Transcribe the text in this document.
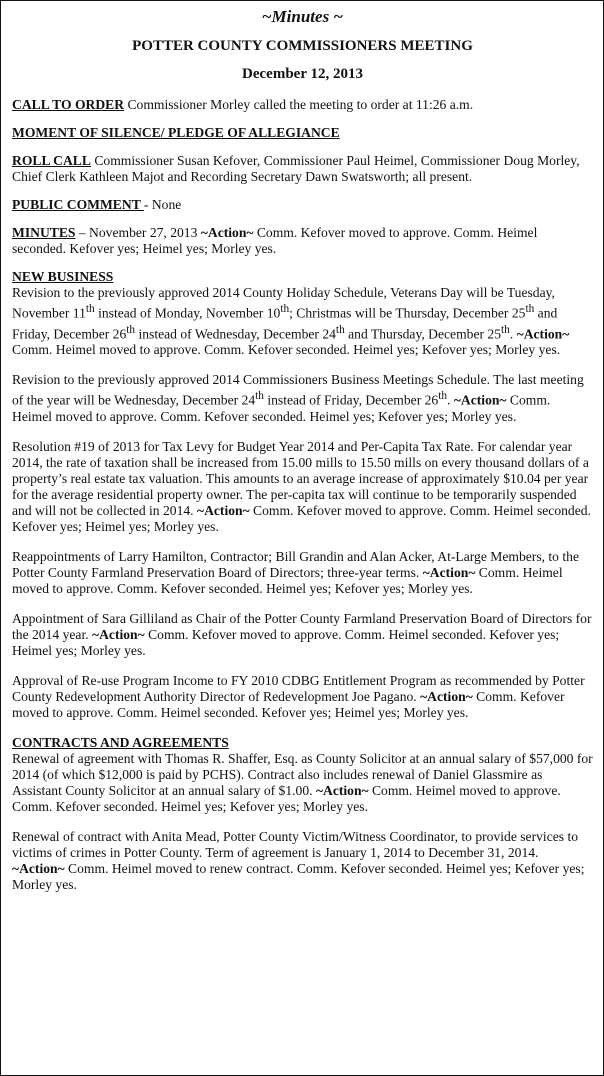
~Minutes ~
POTTER COUNTY COMMISSIONERS MEETING
December 12, 2013

CALL TO ORDER Commissioner Morley called the meeting to order at 11:26 a.m.

MOMENT OF SILENCE/ PLEDGE OF ALLEGIANCE

ROLL CALL Commissioner Susan Kefover, Commissioner Paul Heimel, Commissioner Doug Morley, Chief Clerk Kathleen Majot and Recording Secretary Dawn Swatsworth; all present.

PUBLIC COMMENT - None

MINUTES – November 27, 2013 ~Action~ Comm. Kefover moved to approve. Comm. Heimel seconded. Kefover yes; Heimel yes; Morley yes.

NEW BUSINESS

Revision to the previously approved 2014 County Holiday Schedule, Veterans Day will be Tuesday, November 11th instead of Monday, November 10th; Christmas will be Thursday, December 25th and Friday, December 26th instead of Wednesday, December 24th and Thursday, December 25th. ~Action~ Comm. Heimel moved to approve. Comm. Kefover seconded. Heimel yes; Kefover yes; Morley yes.

Revision to the previously approved 2014 Commissioners Business Meetings Schedule. The last meeting of the year will be Wednesday, December 24th instead of Friday, December 26th. ~Action~ Comm. Heimel moved to approve. Comm. Kefover seconded. Heimel yes; Kefover yes; Morley yes.

Resolution #19 of 2013 for Tax Levy for Budget Year 2014 and Per-Capita Tax Rate. For calendar year 2014, the rate of taxation shall be increased from 15.00 mills to 15.50 mills on every thousand dollars of a property’s real estate tax valuation. This amounts to an average increase of approximately $10.04 per year for the average residential property owner. The per-capita tax will continue to be temporarily suspended and will not be collected in 2014. ~Action~ Comm. Kefover moved to approve. Comm. Heimel seconded. Kefover yes; Heimel yes; Morley yes.

Reappointments of Larry Hamilton, Contractor; Bill Grandin and Alan Acker, At-Large Members, to the Potter County Farmland Preservation Board of Directors; three-year terms. ~Action~ Comm. Heimel moved to approve. Comm. Kefover seconded. Heimel yes; Kefover yes; Morley yes.

Appointment of Sara Gilliland as Chair of the Potter County Farmland Preservation Board of Directors for the 2014 year. ~Action~ Comm. Kefover moved to approve. Comm. Heimel seconded. Kefover yes; Heimel yes; Morley yes.

Approval of Re-use Program Income to FY 2010 CDBG Entitlement Program as recommended by Potter County Redevelopment Authority Director of Redevelopment Joe Pagano. ~Action~ Comm. Kefover moved to approve. Comm. Heimel seconded. Kefover yes; Heimel yes; Morley yes.

CONTRACTS AND AGREEMENTS

Renewal of agreement with Thomas R. Shaffer, Esq. as County Solicitor at an annual salary of $57,000 for 2014 (of which $12,000 is paid by PCHS). Contract also includes renewal of Daniel Glassmire as Assistant County Solicitor at an annual salary of $1.00. ~Action~ Comm. Heimel moved to approve. Comm. Kefover seconded. Heimel yes; Kefover yes; Morley yes.

Renewal of contract with Anita Mead, Potter County Victim/Witness Coordinator, to provide services to victims of crimes in Potter County. Term of agreement is January 1, 2014 to December 31, 2014. ~Action~ Comm. Heimel moved to renew contract. Comm. Kefover seconded. Heimel yes; Kefover yes; Morley yes.
